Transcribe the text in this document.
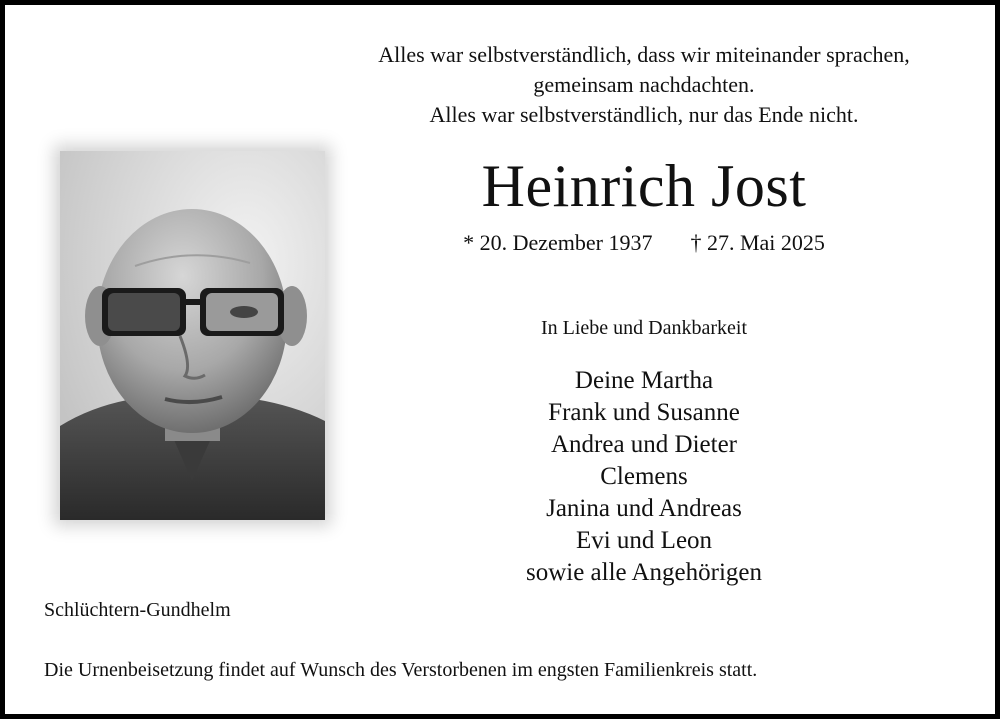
Alles war selbstverständlich, dass wir miteinander sprachen,
gemeinsam nachdachten.
Alles war selbstverständlich, nur das Ende nicht.
Heinrich Jost
* 20. Dezember 1937 † 27. Mai 2025
In Liebe und Dankbarkeit
Deine Martha
Frank und Susanne
Andrea und Dieter
Clemens
Janina und Andreas
Evi und Leon
sowie alle Angehörigen
Schlüchtern-Gundhelm
Die Urnenbeisetzung findet auf Wunsch des Verstorbenen im engsten Familienkreis statt.
